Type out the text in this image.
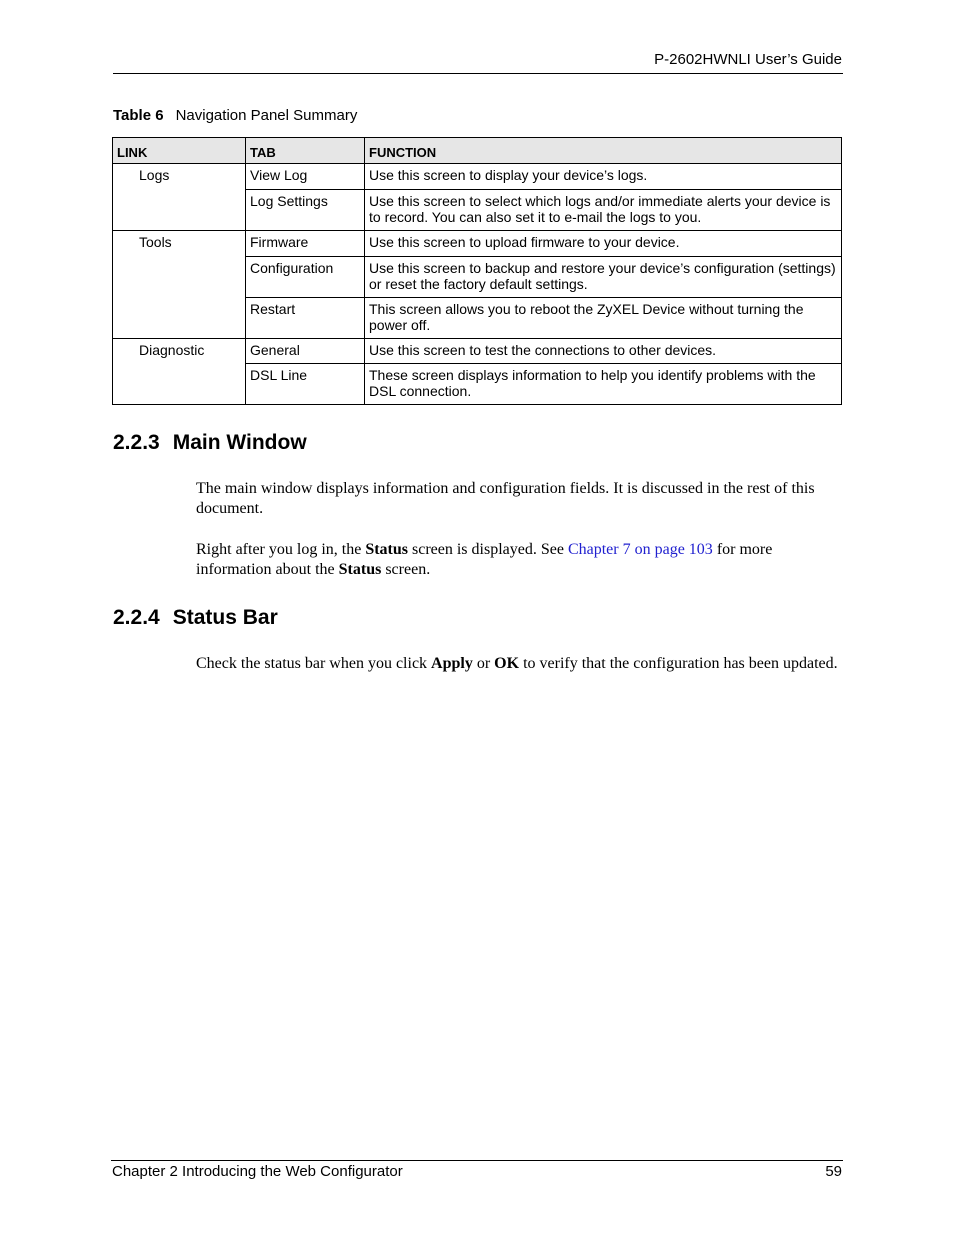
P-2602HWNLI User’s Guide
Table 6 Navigation Panel Summary
LINK	TAB	FUNCTION
Logs	View Log	Use this screen to display your device’s logs.
	Log Settings	Use this screen to select which logs and/or immediate alerts your device is to record. You can also set it to e-mail the logs to you.
Tools	Firmware	Use this screen to upload firmware to your device.
	Configuration	Use this screen to backup and restore your device’s configuration (settings) or reset the factory default settings.
	Restart	This screen allows you to reboot the ZyXEL Device without turning the power off.
Diagnostic	General	Use this screen to test the connections to other devices.
	DSL Line	These screen displays information to help you identify problems with the DSL connection.
2.2.3 Main Window

The main window displays information and configuration fields. It is discussed in the rest of this document.

Right after you log in, the Status screen is displayed. See Chapter 7 on page 103 for more information about the Status screen.

2.2.4 Status Bar

Check the status bar when you click Apply or OK to verify that the configuration has been updated.

Chapter 2 Introducing the Web Configurator	59
